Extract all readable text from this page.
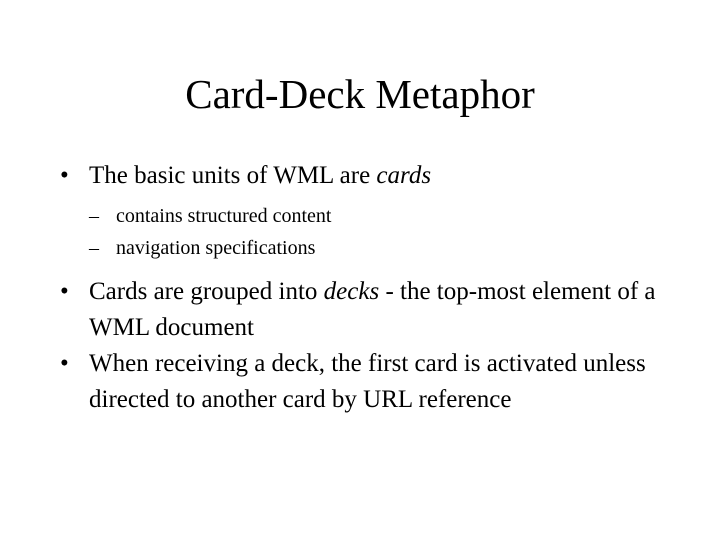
Card-Deck Metaphor
• The basic units of WML are cards
– contains structured content
– navigation specifications
• Cards are grouped into decks - the top-most element of a WML document
• When receiving a deck, the first card is activated unless directed to another card by URL reference
